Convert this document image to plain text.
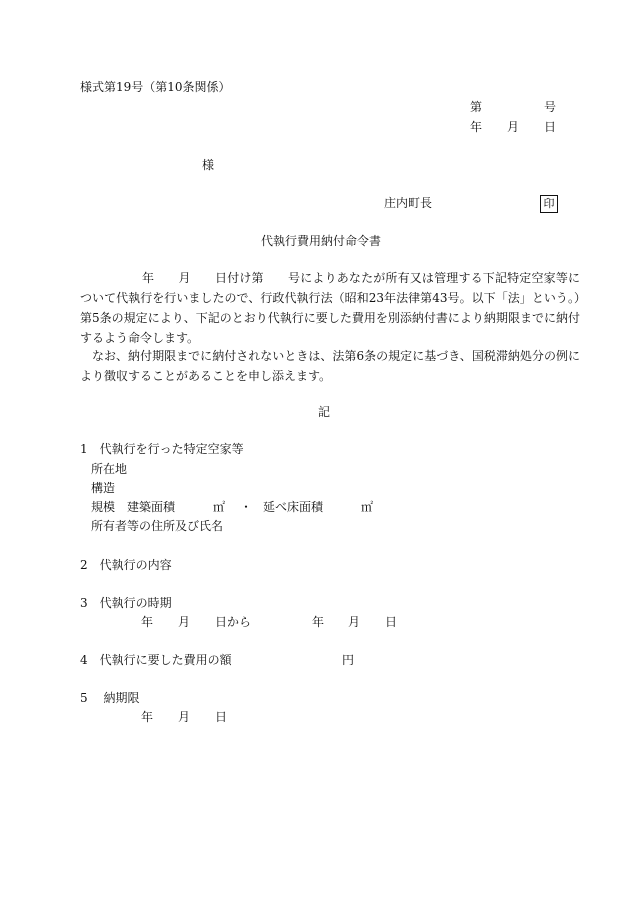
様式第19号（第10条関係）
第	号
年 月 日
様
庄内町長	印
代執行費用納付命令書
年　　月　　日付け第　　号によりあなたが所有又は管理する下記特定空家等について代執行を行いましたので、行政代執行法（昭和23年法律第43号。以下「法」という。）第5条の規定により、下記のとおり代執行に要した費用を別添納付書により納期限までに納付するよう命令します。
なお、納付期限までに納付されないときは、法第6条の規定に基づき、国税滞納処分の例により徴収することがあることを申し添えます。
記
1　代執行を行った特定空家等
所在地
構造
規模　建築面積	㎡ ・ 延べ床面積	㎡
所有者等の住所及び氏名
2　代執行の内容
3　代執行の時期
年 月 日から	年 月 日
4　代執行に要した費用の額	円
5　 納期限
年 月 日
